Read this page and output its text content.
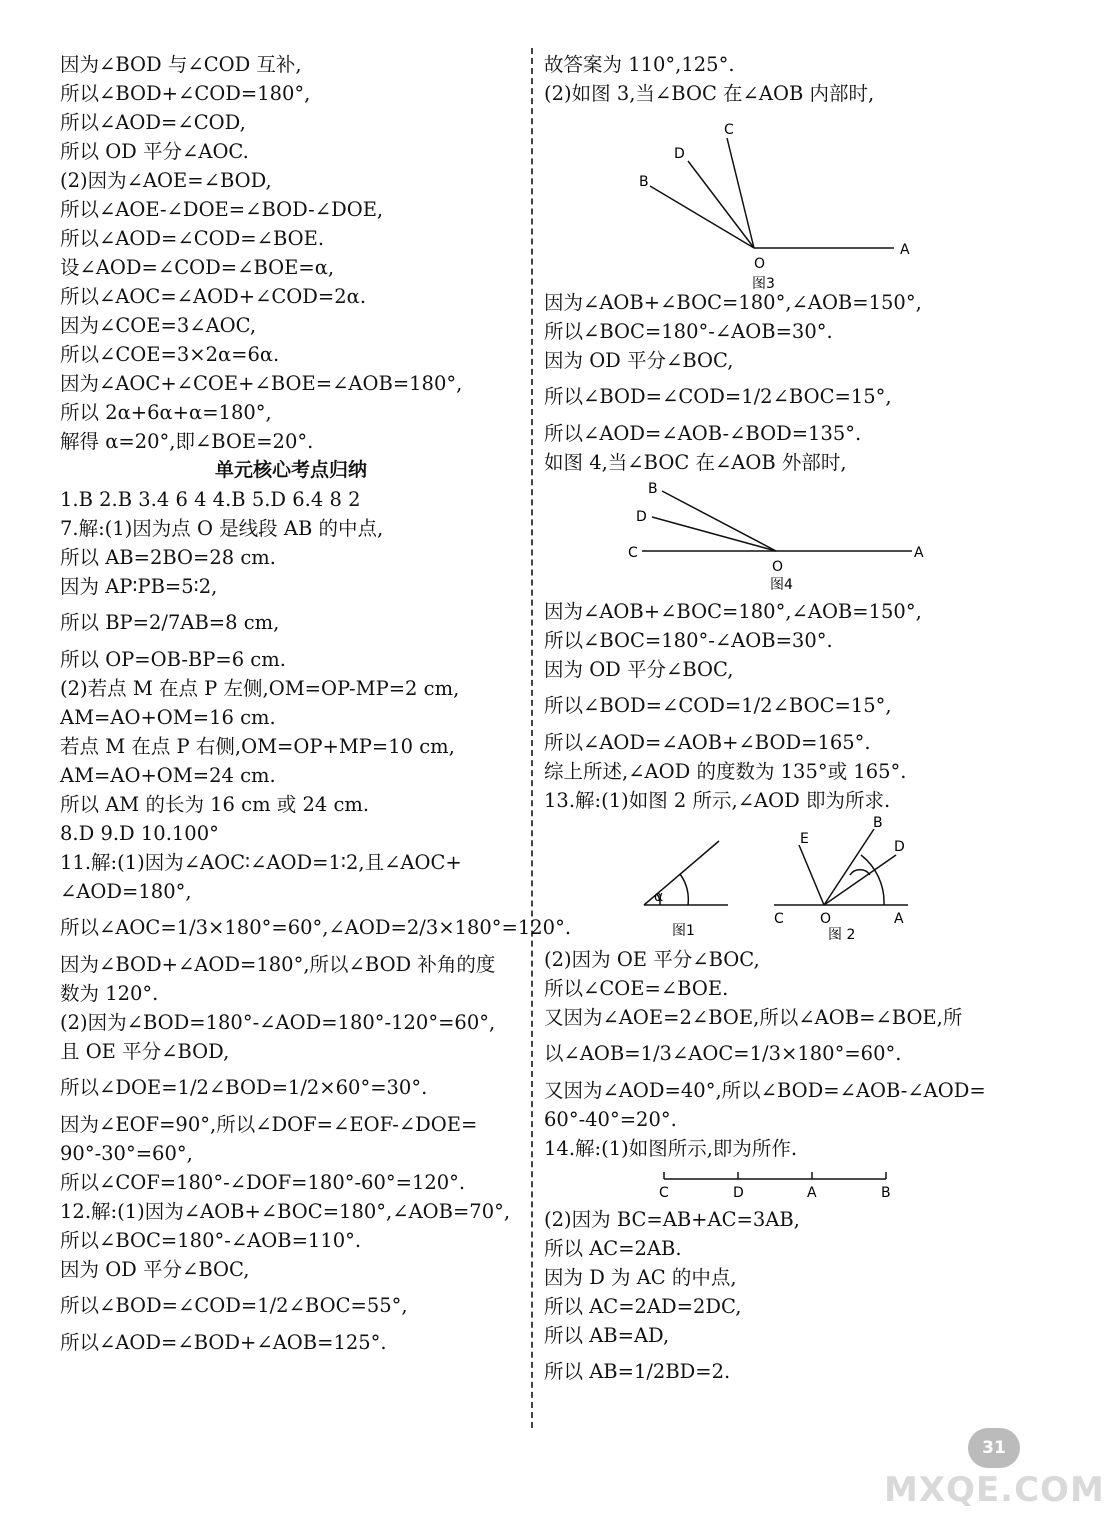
因为∠BOD 与∠COD 互补,
所以∠BOD+∠COD=180°,
所以∠AOD=∠COD,
所以 OD 平分∠AOC.
(2)因为∠AOE=∠BOD,
所以∠AOE-∠DOE=∠BOD-∠DOE,
所以∠AOD=∠COD=∠BOE.
设∠AOD=∠COD=∠BOE=α,
所以∠AOC=∠AOD+∠COD=2α.
因为∠COE=3∠AOC,
所以∠COE=3×2α=6α.
因为∠AOC+∠COE+∠BOE=∠AOB=180°,
所以 2α+6α+α=180°,
解得 α=20°,即∠BOE=20°.
单元核心考点归纳
1.B 2.B 3.4 6 4 4.B 5.D 6.4 8 2
7.解:(1)因为点 O 是线段 AB 的中点,
所以 AB=2BO=28 cm.
因为 AP∶PB=5∶2,
所以 BP=2/7AB=8 cm,
所以 OP=OB-BP=6 cm.
(2)若点 M 在点 P 左侧,OM=OP-MP=2 cm,
AM=AO+OM=16 cm.
若点 M 在点 P 右侧,OM=OP+MP=10 cm,
AM=AO+OM=24 cm.
所以 AM 的长为 16 cm 或 24 cm.
8.D 9.D 10.100°
11.解:(1)因为∠AOC∶∠AOD=1∶2,且∠AOC+
∠AOD=180°,
所以∠AOC=1/3×180°=60°,∠AOD=2/3×180°=120°.
因为∠BOD+∠AOD=180°,所以∠BOD 补角的度
数为 120°.
(2)因为∠BOD=180°-∠AOD=180°-120°=60°,
且 OE 平分∠BOD,
所以∠DOE=1/2∠BOD=1/2×60°=30°.
因为∠EOF=90°,所以∠DOF=∠EOF-∠DOE=
90°-30°=60°,
所以∠COF=180°-∠DOF=180°-60°=120°.
12.解:(1)因为∠AOB+∠BOC=180°,∠AOB=70°,
所以∠BOC=180°-∠AOB=110°.
因为 OD 平分∠BOC,
所以∠BOD=∠COD=1/2∠BOC=55°,
所以∠AOD=∠BOD+∠AOB=125°.
故答案为 110°,125°.
(2)如图 3,当∠BOC 在∠AOB 内部时,
C
D
B
O
A
图3
因为∠AOB+∠BOC=180°,∠AOB=150°,
所以∠BOC=180°-∠AOB=30°.
因为 OD 平分∠BOC,
所以∠BOD=∠COD=1/2∠BOC=15°,
所以∠AOD=∠AOB-∠BOD=135°.
如图 4,当∠BOC 在∠AOB 外部时,
B
D
C
O
A
图4
因为∠AOB+∠BOC=180°,∠AOB=150°,
所以∠BOC=180°-∠AOB=30°.
因为 OD 平分∠BOC,
所以∠BOD=∠COD=1/2∠BOC=15°,
所以∠AOD=∠AOB+∠BOD=165°.
综上所述,∠AOD 的度数为 135°或 165°.
13.解:(1)如图 2 所示,∠AOD 即为所求.
α
图1
E
B
D
C	O	A
图 2
(2)因为 OE 平分∠BOC,
所以∠COE=∠BOE.
又因为∠AOE=2∠BOE,所以∠AOB=∠BOE,所
以∠AOB=1/3∠AOC=1/3×180°=60°.
又因为∠AOD=40°,所以∠BOD=∠AOB-∠AOD=
60°-40°=20°.
14.解:(1)如图所示,即为所作.
C	D	A	B
(2)因为 BC=AB+AC=3AB,
所以 AC=2AB.
因为 D 为 AC 的中点,
所以 AC=2AD=2DC,
所以 AB=AD,
所以 AB=1/2BD=2.
31
MXQE.COM
